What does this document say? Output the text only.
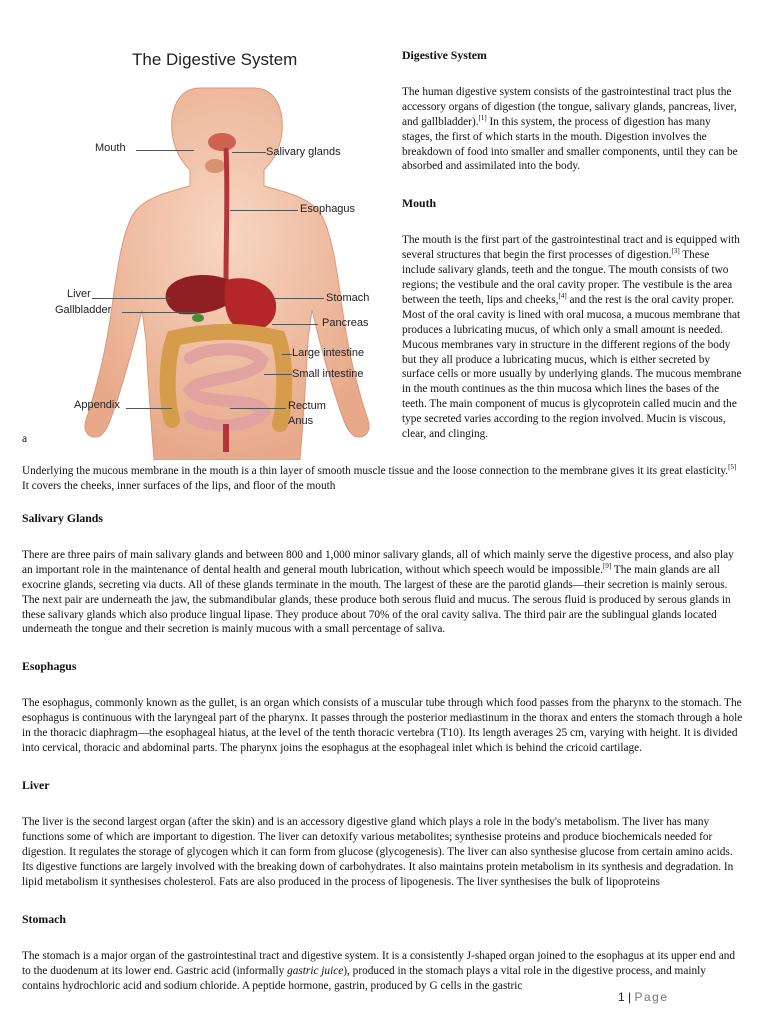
The Digestive System
Mouth	Salivary glands
Esophagus
Liver
Gallbladder
Stomach
Pancreas
Large intestine
Small intestine
Appendix	Rectum
Anus
a

Digestive System

The human digestive system consists of the gastrointestinal tract plus the accessory organs of digestion (the tongue, salivary glands, pancreas, liver, and gallbladder).[1] In this system, the process of digestion has many stages, the first of which starts in the mouth. Digestion involves the breakdown of food into smaller and smaller components, until they can be absorbed and assimilated into the body.

Mouth

The mouth is the first part of the gastrointestinal tract and is equipped with several structures that begin the first processes of digestion.[3] These include salivary glands, teeth and the tongue. The mouth consists of two regions; the vestibule and the oral cavity proper. The vestibule is the area between the teeth, lips and cheeks,[4] and the rest is the oral cavity proper. Most of the oral cavity is lined with oral mucosa, a mucous membrane that produces a lubricating mucus, of which only a small amount is needed. Mucous membranes vary in structure in the different regions of the body but they all produce a lubricating mucus, which is either secreted by surface cells or more usually by underlying glands. The mucous membrane in the mouth continues as the thin mucosa which lines the bases of the teeth. The main component of mucus is glycoprotein called mucin and the type secreted varies according to the region involved. Mucin is viscous, clear, and clinging.

Underlying the mucous membrane in the mouth is a thin layer of smooth muscle tissue and the loose connection to the membrane gives it its great elasticity.[5] It covers the cheeks, inner surfaces of the lips, and floor of the mouth

Salivary Glands

There are three pairs of main salivary glands and between 800 and 1,000 minor salivary glands, all of which mainly serve the digestive process, and also play an important role in the maintenance of dental health and general mouth lubrication, without which speech would be impossible.[9] The main glands are all exocrine glands, secreting via ducts. All of these glands terminate in the mouth. The largest of these are the parotid glands—their secretion is mainly serous. The next pair are underneath the jaw, the submandibular glands, these produce both serous fluid and mucus. The serous fluid is produced by serous glands in these salivary glands which also produce lingual lipase. They produce about 70% of the oral cavity saliva. The third pair are the sublingual glands located underneath the tongue and their secretion is mainly mucous with a small percentage of saliva.

Esophagus

The esophagus, commonly known as the gullet, is an organ which consists of a muscular tube through which food passes from the pharynx to the stomach. The esophagus is continuous with the laryngeal part of the pharynx. It passes through the posterior mediastinum in the thorax and enters the stomach through a hole in the thoracic diaphragm—the esophageal hiatus, at the level of the tenth thoracic vertebra (T10). Its length averages 25 cm, varying with height. It is divided into cervical, thoracic and abdominal parts. The pharynx joins the esophagus at the esophageal inlet which is behind the cricoid cartilage.

Liver

The liver is the second largest organ (after the skin) and is an accessory digestive gland which plays a role in the body's metabolism. The liver has many functions some of which are important to digestion. The liver can detoxify various metabolites; synthesise proteins and produce biochemicals needed for digestion. It regulates the storage of glycogen which it can form from glucose (glycogenesis). The liver can also synthesise glucose from certain amino acids. Its digestive functions are largely involved with the breaking down of carbohydrates. It also maintains protein metabolism in its synthesis and degradation. In lipid metabolism it synthesises cholesterol. Fats are also produced in the process of lipogenesis. The liver synthesises the bulk of lipoproteins

Stomach

The stomach is a major organ of the gastrointestinal tract and digestive system. It is a consistently J-shaped organ joined to the esophagus at its upper end and to the duodenum at its lower end. Gastric acid (informally gastric juice), produced in the stomach plays a vital role in the digestive process, and mainly contains hydrochloric acid and sodium chloride. A peptide hormone, gastrin, produced by G cells in the gastric

1 | Page
